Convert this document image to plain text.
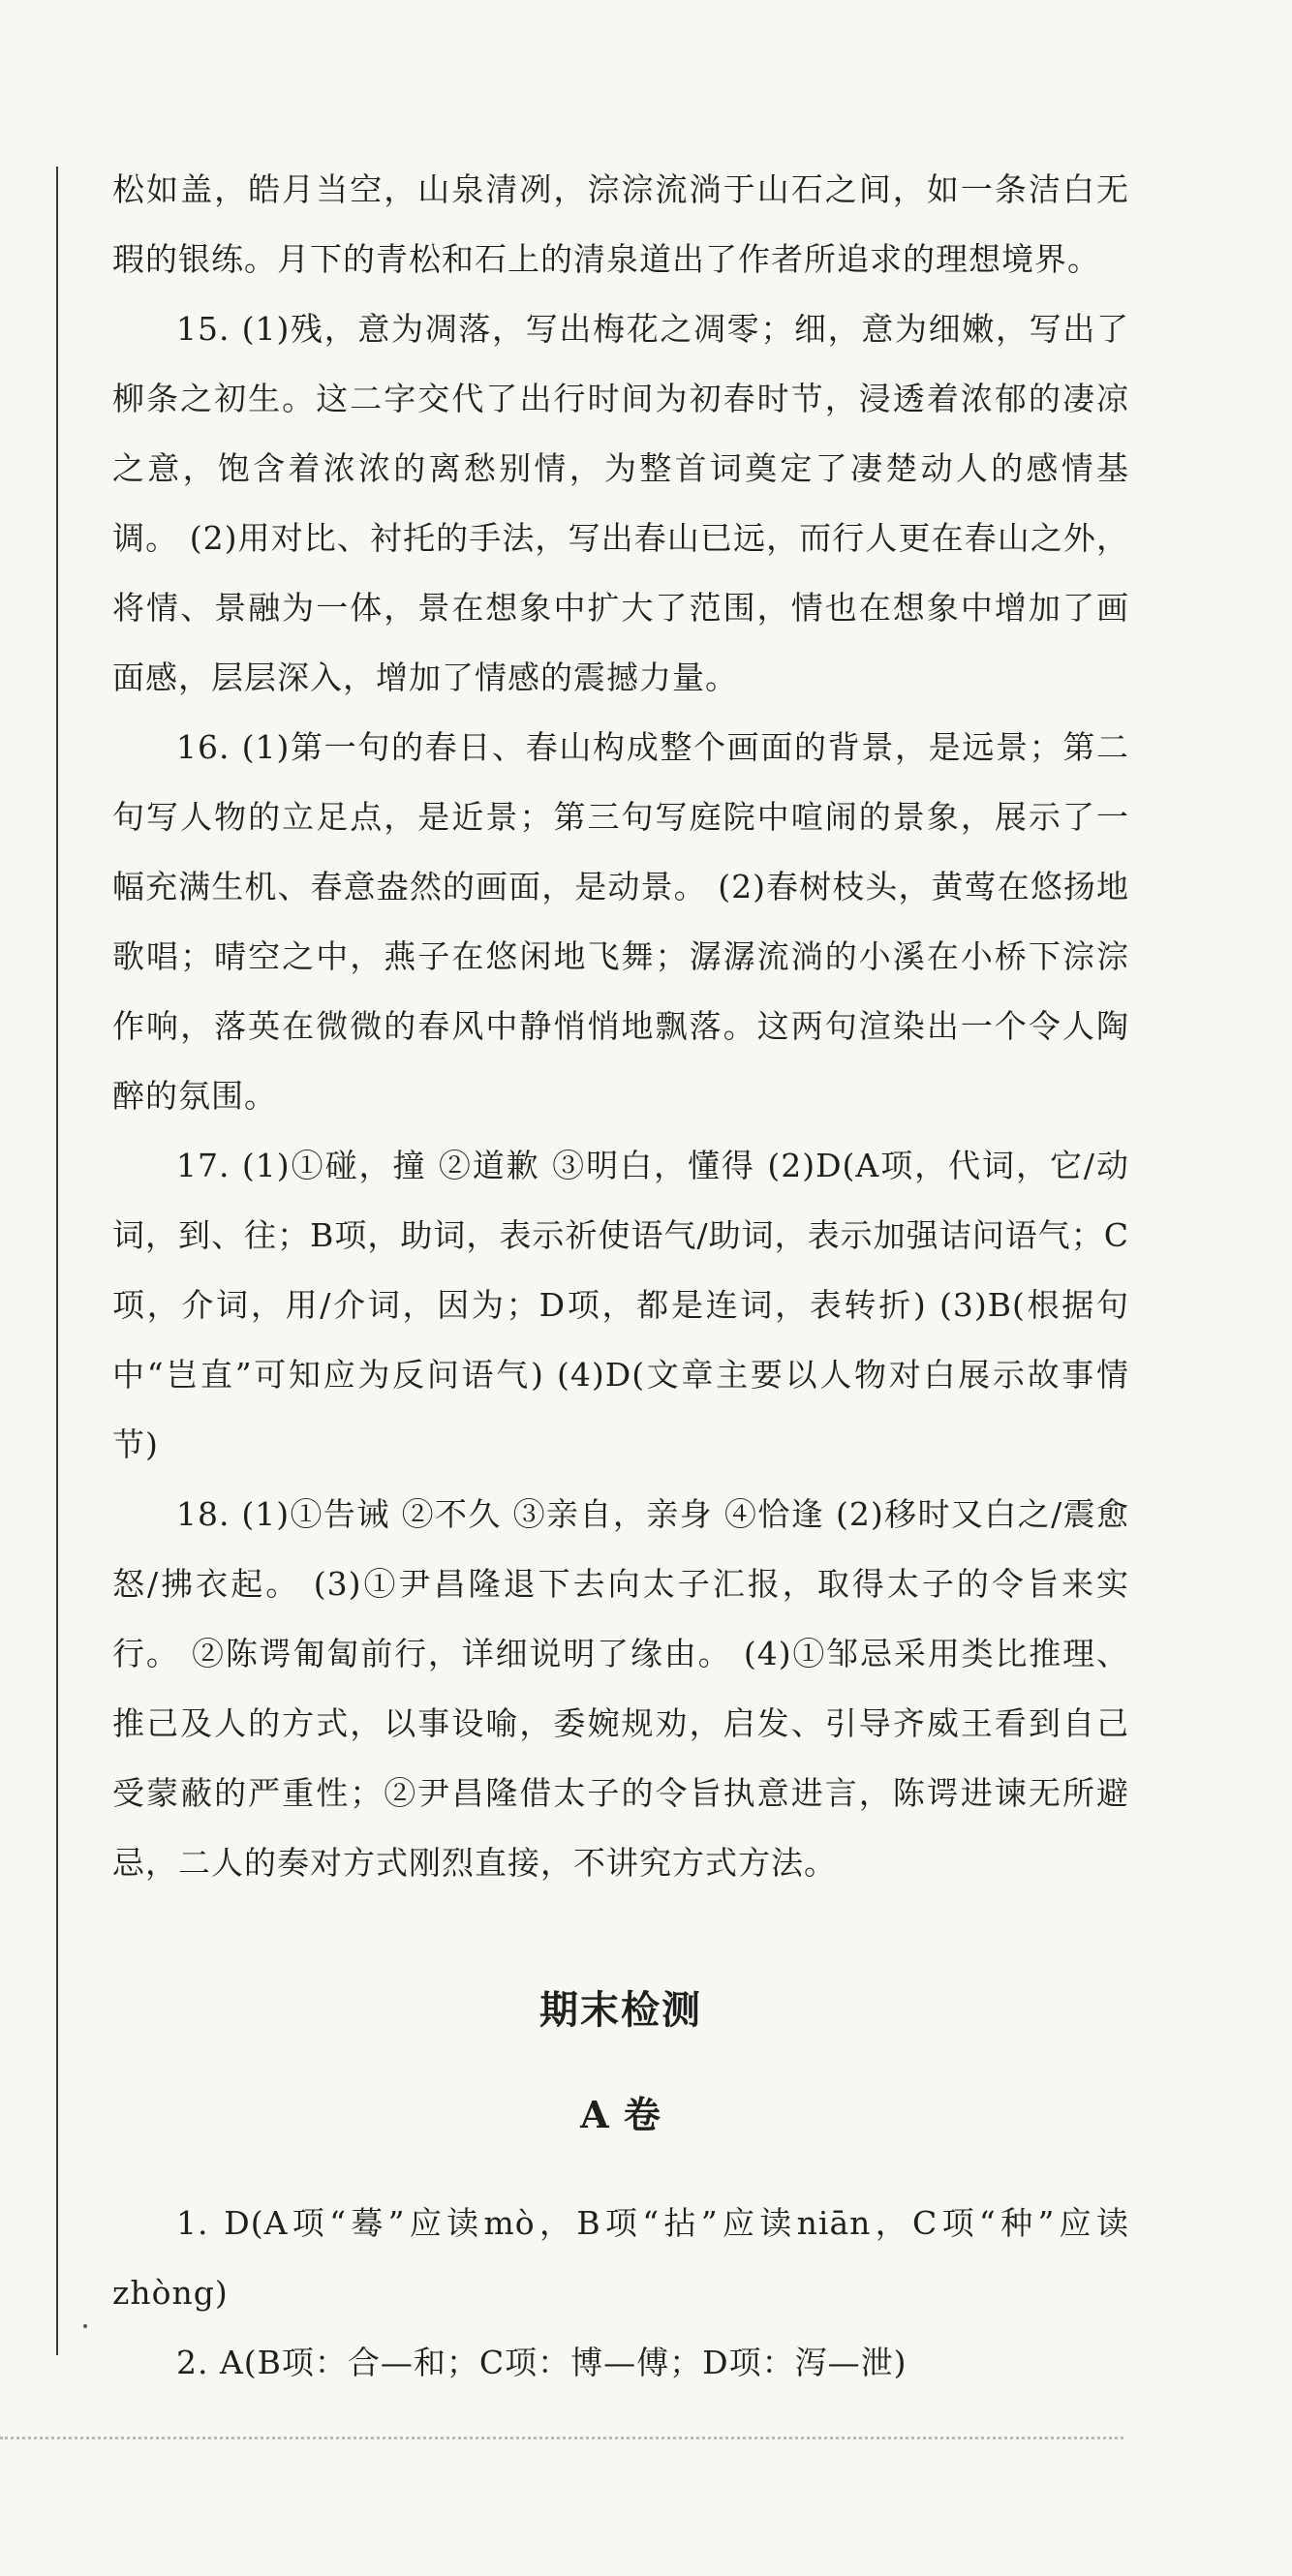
松如盖，皓月当空，山泉清冽，淙淙流淌于山石之间，如一条洁白无瑕的银练。月下的青松和石上的清泉道出了作者所追求的理想境界。

15. (1)残，意为凋落，写出梅花之凋零；细，意为细嫩，写出了柳条之初生。这二字交代了出行时间为初春时节，浸透着浓郁的凄凉之意，饱含着浓浓的离愁别情，为整首词奠定了凄楚动人的感情基调。 (2)用对比、衬托的手法，写出春山已远，而行人更在春山之外，将情、景融为一体，景在想象中扩大了范围，情也在想象中增加了画面感，层层深入，增加了情感的震撼力量。

16. (1)第一句的春日、春山构成整个画面的背景，是远景；第二句写人物的立足点，是近景；第三句写庭院中喧闹的景象，展示了一幅充满生机、春意盎然的画面，是动景。 (2)春树枝头，黄莺在悠扬地歌唱；晴空之中，燕子在悠闲地飞舞；潺潺流淌的小溪在小桥下淙淙作响，落英在微微的春风中静悄悄地飘落。这两句渲染出一个令人陶醉的氛围。

17. (1)①碰，撞 ②道歉 ③明白，懂得 (2)D(A项，代词，它/动词，到、往；B项，助词，表示祈使语气/助词，表示加强诘问语气；C项，介词，用/介词，因为；D项，都是连词，表转折) (3)B(根据句中“岂直”可知应为反问语气) (4)D(文章主要以人物对白展示故事情节)

18. (1)①告诫 ②不久 ③亲自，亲身 ④恰逢 (2)移时又白之/震愈怒/拂衣起。 (3)①尹昌隆退下去向太子汇报，取得太子的令旨来实行。 ②陈谔匍匐前行，详细说明了缘由。 (4)①邹忌采用类比推理、推己及人的方式，以事设喻，委婉规劝，启发、引导齐威王看到自己受蒙蔽的严重性；②尹昌隆借太子的令旨执意进言，陈谔进谏无所避忌，二人的奏对方式刚烈直接，不讲究方式方法。

期末检测
A 卷

1. D(A项“蓦”应读mò，B项“拈”应读niān，C项“种”应读zhòng)

2. A(B项：合—和；C项：博—傅；D项：泻—泄)
